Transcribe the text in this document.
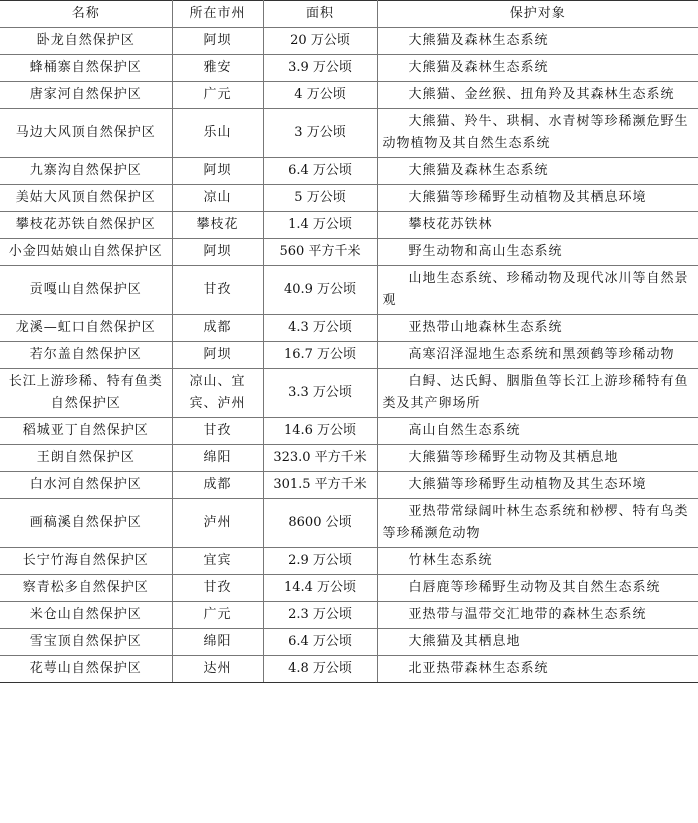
名称	所在市州	面积	保护对象
卧龙自然保护区	阿坝	20 万公顷	大熊猫及森林生态系统
蜂桶寨自然保护区	雅安	3.9 万公顷	大熊猫及森林生态系统
唐家河自然保护区	广元	4 万公顷	大熊猫、金丝猴、扭角羚及其森林生态系统
马边大风顶自然保护区	乐山	3 万公顷	大熊猫、羚牛、珙桐、水青树等珍稀濒危野生动物植物及其自然生态系统
九寨沟自然保护区	阿坝	6.4 万公顷	大熊猫及森林生态系统
美姑大风顶自然保护区	凉山	5 万公顷	大熊猫等珍稀野生动植物及其栖息环境
攀枝花苏铁自然保护区	攀枝花	1.4 万公顷	攀枝花苏铁林
小金四姑娘山自然保护区	阿坝	560 平方千米	野生动物和高山生态系统
贡嘎山自然保护区	甘孜	40.9 万公顷	山地生态系统、珍稀动物及现代冰川等自然景观
龙溪—虹口自然保护区	成都	4.3 万公顷	亚热带山地森林生态系统
若尔盖自然保护区	阿坝	16.7 万公顷	高寒沼泽湿地生态系统和黑颈鹤等珍稀动物
长江上游珍稀、特有鱼类自然保护区	凉山、宜宾、泸州	3.3 万公顷	白鲟、达氏鲟、胭脂鱼等长江上游珍稀特有鱼类及其产卵场所
稻城亚丁自然保护区	甘孜	14.6 万公顷	高山自然生态系统
王朗自然保护区	绵阳	323.0 平方千米	大熊猫等珍稀野生动物及其栖息地
白水河自然保护区	成都	301.5 平方千米	大熊猫等珍稀野生动植物及其生态环境
画稿溪自然保护区	泸州	8600 公顷	亚热带常绿阔叶林生态系统和桫椤、特有鸟类等珍稀濒危动物
长宁竹海自然保护区	宜宾	2.9 万公顷	竹林生态系统
察青松多自然保护区	甘孜	14.4 万公顷	白唇鹿等珍稀野生动物及其自然生态系统
米仓山自然保护区	广元	2.3 万公顷	亚热带与温带交汇地带的森林生态系统
雪宝顶自然保护区	绵阳	6.4 万公顷	大熊猫及其栖息地
花萼山自然保护区	达州	4.8 万公顷	北亚热带森林生态系统
